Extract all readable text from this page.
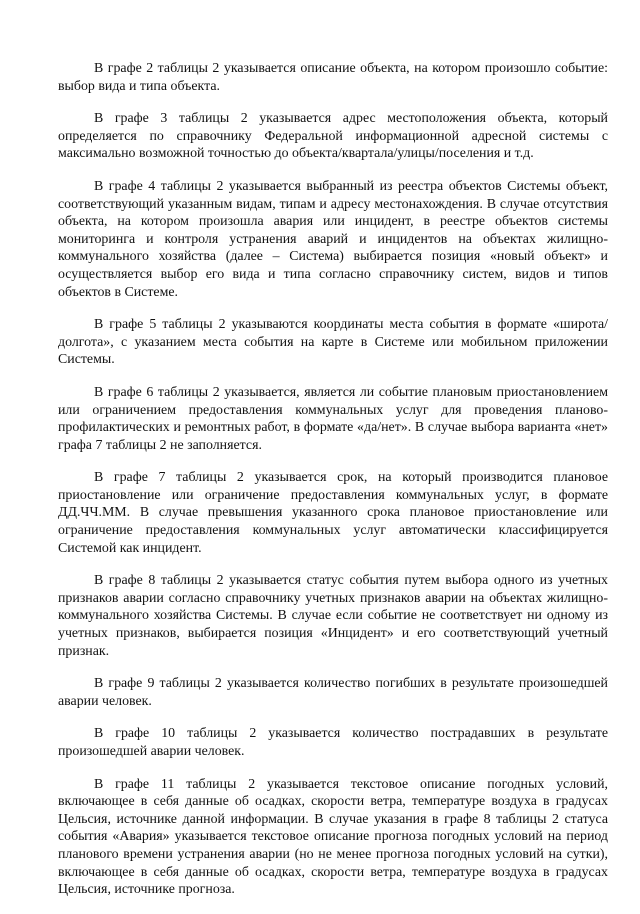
В графе 2 таблицы 2 указывается описание объекта, на котором произошло событие: выбор вида и типа объекта.

В графе 3 таблицы 2 указывается адрес местоположения объекта, который определяется по справочнику Федеральной информационной адресной системы с максимально возможной точностью до объекта/квартала/улицы/поселения и т.д.

В графе 4 таблицы 2 указывается выбранный из реестра объектов Системы объект, соответствующий указанным видам, типам и адресу местонахождения. В случае отсутствия объекта, на котором произошла авария или инцидент, в реестре объектов системы мониторинга и контроля устранения аварий и инцидентов на объектах жилищно-коммунального хозяйства (далее – Система) выбирается позиция «новый объект» и осуществляется выбор его вида и типа согласно справочнику систем, видов и типов объектов в Системе.

В графе 5 таблицы 2 указываются координаты места события в формате «широта/долгота», с указанием места события на карте в Системе или мобильном приложении Системы.

В графе 6 таблицы 2 указывается, является ли событие плановым приостановлением или ограничением предоставления коммунальных услуг для проведения планово-профилактических и ремонтных работ, в формате «да/нет». В случае выбора варианта «нет» графа 7 таблицы 2 не заполняется.

В графе 7 таблицы 2 указывается срок, на который производится плановое приостановление или ограничение предоставления коммунальных услуг, в формате ДД.ЧЧ.ММ. В случае превышения указанного срока плановое приостановление или ограничение предоставления коммунальных услуг автоматически классифицируется Системой как инцидент.

В графе 8 таблицы 2 указывается статус события путем выбора одного из учетных признаков аварии согласно справочнику учетных признаков аварии на объектах жилищно-коммунального хозяйства Системы. В случае если событие не соответствует ни одному из учетных признаков, выбирается позиция «Инцидент» и его соответствующий учетный признак.

В графе 9 таблицы 2 указывается количество погибших в результате произошедшей аварии человек.

В графе 10 таблицы 2 указывается количество пострадавших в результате произошедшей аварии человек.

В графе 11 таблицы 2 указывается текстовое описание погодных условий, включающее в себя данные об осадках, скорости ветра, температуре воздуха в градусах Цельсия, источнике данной информации. В случае указания в графе 8 таблицы 2 статуса события «Авария» указывается текстовое описание прогноза погодных условий на период планового времени устранения аварии (но не менее прогноза погодных условий на сутки), включающее в себя данные об осадках, скорости ветра, температуре воздуха в градусах Цельсия, источнике прогноза.
